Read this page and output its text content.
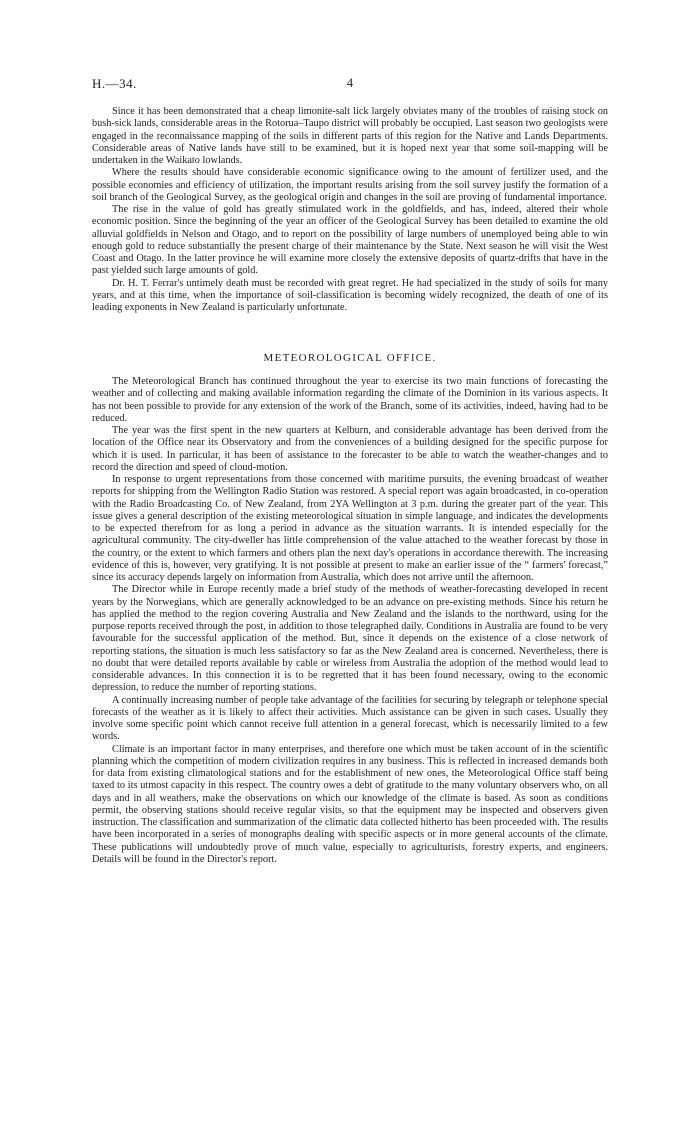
H.—34.	4

Since it has been demonstrated that a cheap limonite-salt lick largely obviates many of the troubles of raising stock on bush-sick lands, considerable areas in the Rotorua–Taupo district will probably be occupied. Last season two geologists were engaged in the reconnaissance mapping of the soils in different parts of this region for the Native and Lands Departments. Considerable areas of Native lands have still to be examined, but it is hoped next year that some soil-mapping will be undertaken in the Waikato lowlands.

Where the results should have considerable economic significance owing to the amount of fertilizer used, and the possible economies and efficiency of utilization, the important results arising from the soil survey justify the formation of a soil branch of the Geological Survey, as the geological origin and changes in the soil are proving of fundamental importance.

The rise in the value of gold has greatly stimulated work in the goldfields, and has, indeed, altered their whole economic position. Since the beginning of the year an officer of the Geological Survey has been detailed to examine the old alluvial goldfields in Nelson and Otago, and to report on the possibility of large numbers of unemployed being able to win enough gold to reduce substantially the present charge of their maintenance by the State. Next season he will visit the West Coast and Otago. In the latter province he will examine more closely the extensive deposits of quartz-drifts that have in the past yielded such large amounts of gold.

Dr. H. T. Ferrar's untimely death must be recorded with great regret. He had specialized in the study of soils for many years, and at this time, when the importance of soil-classification is becoming widely recognized, the death of one of its leading exponents in New Zealand is particularly unfortunate.

METEOROLOGICAL OFFICE.

The Meteorological Branch has continued throughout the year to exercise its two main functions of forecasting the weather and of collecting and making available information regarding the climate of the Dominion in its various aspects. It has not been possible to provide for any extension of the work of the Branch, some of its activities, indeed, having had to be reduced.

The year was the first spent in the new quarters at Kelburn, and considerable advantage has been derived from the location of the Office near its Observatory and from the conveniences of a building designed for the specific purpose for which it is used. In particular, it has been of assistance to the forecaster to be able to watch the weather-changes and to record the direction and speed of cloud-motion.

In response to urgent representations from those concerned with maritime pursuits, the evening broadcast of weather reports for shipping from the Wellington Radio Station was restored. A special report was again broadcasted, in co-operation with the Radio Broadcasting Co. of New Zealand, from 2YA Wellington at 3 p.m. during the greater part of the year. This issue gives a general description of the existing meteorological situation in simple language, and indicates the developments to be expected therefrom for as long a period in advance as the situation warrants. It is intended especially for the agricultural community. The city-dweller has little comprehension of the value attached to the weather forecast by those in the country, or the extent to which farmers and others plan the next day's operations in accordance therewith. The increasing evidence of this is, however, very gratifying. It is not possible at present to make an earlier issue of the “ farmers' forecast,” since its accuracy depends largely on information from Australia, which does not arrive until the afternoon.

The Director while in Europe recently made a brief study of the methods of weather-forecasting developed in recent years by the Norwegians, which are generally acknowledged to be an advance on pre-existing methods. Since his return he has applied the method to the region covering Australia and New Zealand and the islands to the northward, using for the purpose reports received through the post, in addition to those telegraphed daily. Conditions in Australia are found to be very favourable for the successful application of the method. But, since it depends on the existence of a close network of reporting stations, the situation is much less satisfactory so far as the New Zealand area is concerned. Nevertheless, there is no doubt that were detailed reports available by cable or wireless from Australia the adoption of the method would lead to considerable advances. In this connection it is to be regretted that it has been found necessary, owing to the economic depression, to reduce the number of reporting stations.

A continually increasing number of people take advantage of the facilities for securing by telegraph or telephone special forecasts of the weather as it is likely to affect their activities. Much assistance can be given in such cases. Usually they involve some specific point which cannot receive full attention in a general forecast, which is necessarily limited to a few words.

Climate is an important factor in many enterprises, and therefore one which must be taken account of in the scientific planning which the competition of modern civilization requires in any business. This is reflected in increased demands both for data from existing climatological stations and for the establishment of new ones, the Meteorological Office staff being taxed to its utmost capacity in this respect. The country owes a debt of gratitude to the many voluntary observers who, on all days and in all weathers, make the observations on which our knowledge of the climate is based. As soon as conditions permit, the observing stations should receive regular visits, so that the equipment may be inspected and observers given instruction. The classification and summarization of the climatic data collected hitherto has been proceeded with. The results have been incorporated in a series of monographs dealing with specific aspects or in more general accounts of the climate. These publications will undoubtedly prove of much value, especially to agriculturists, forestry experts, and engineers. Details will be found in the Director's report.
